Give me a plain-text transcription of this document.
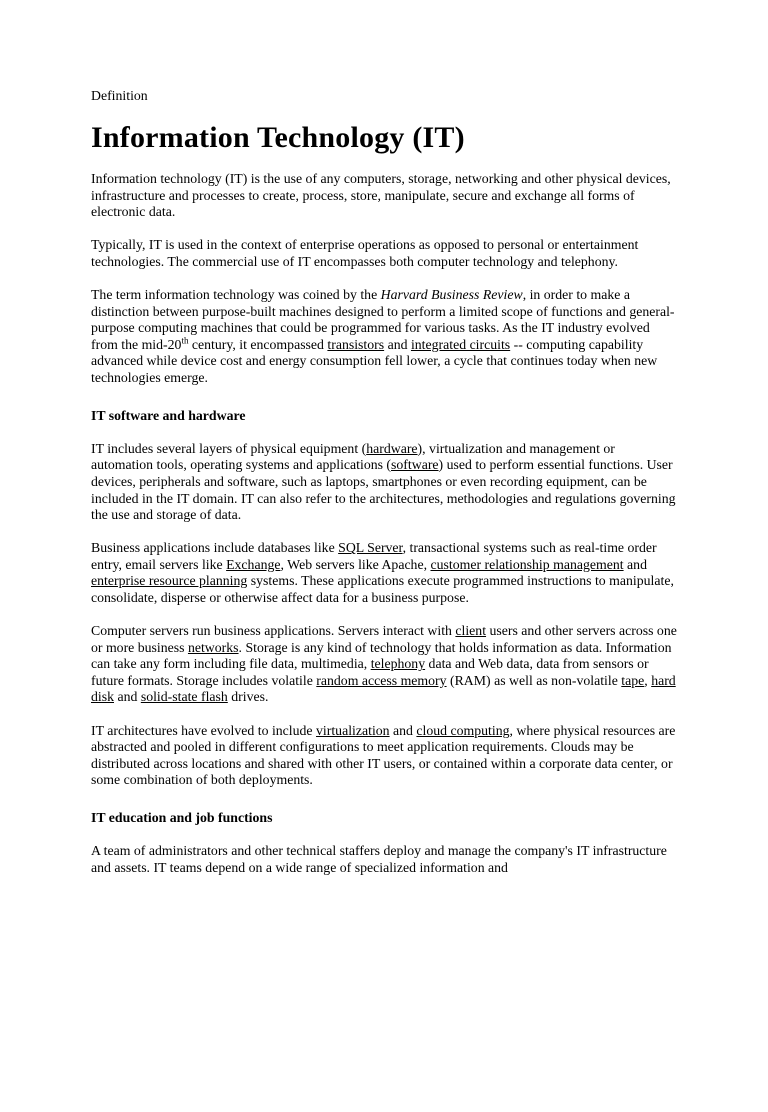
Definition

Information Technology (IT)

Information technology (IT) is the use of any computers, storage, networking and other physical devices, infrastructure and processes to create, process, store, manipulate, secure and exchange all forms of electronic data.

Typically, IT is used in the context of enterprise operations as opposed to personal or entertainment technologies. The commercial use of IT encompasses both computer technology and telephony.

The term information technology was coined by the Harvard Business Review, in order to make a distinction between purpose-built machines designed to perform a limited scope of functions and general-purpose computing machines that could be programmed for various tasks. As the IT industry evolved from the mid-20th century, it encompassed transistors and integrated circuits -- computing capability advanced while device cost and energy consumption fell lower, a cycle that continues today when new technologies emerge.

IT software and hardware

IT includes several layers of physical equipment (hardware), virtualization and management or automation tools, operating systems and applications (software) used to perform essential functions. User devices, peripherals and software, such as laptops, smartphones or even recording equipment, can be included in the IT domain. IT can also refer to the architectures, methodologies and regulations governing the use and storage of data.

Business applications include databases like SQL Server, transactional systems such as real-time order entry, email servers like Exchange, Web servers like Apache, customer relationship management and enterprise resource planning systems. These applications execute programmed instructions to manipulate, consolidate, disperse or otherwise affect data for a business purpose.

Computer servers run business applications. Servers interact with client users and other servers across one or more business networks. Storage is any kind of technology that holds information as data. Information can take any form including file data, multimedia, telephony data and Web data, data from sensors or future formats. Storage includes volatile random access memory (RAM) as well as non-volatile tape, hard disk and solid-state flash drives.

IT architectures have evolved to include virtualization and cloud computing, where physical resources are abstracted and pooled in different configurations to meet application requirements. Clouds may be distributed across locations and shared with other IT users, or contained within a corporate data center, or some combination of both deployments.

IT education and job functions

A team of administrators and other technical staffers deploy and manage the company's IT infrastructure and assets. IT teams depend on a wide range of specialized information and
